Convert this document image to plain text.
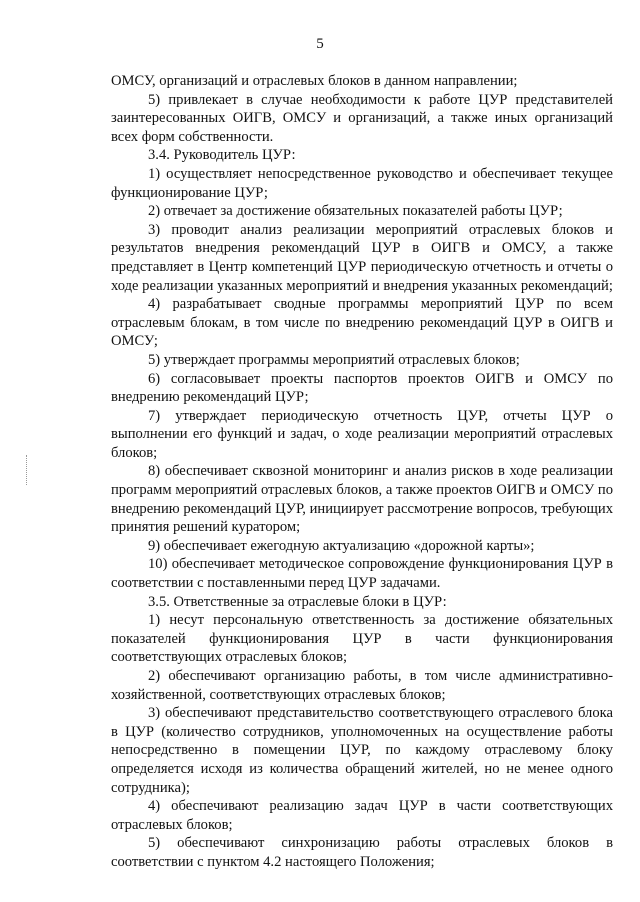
5

ОМСУ, организаций и отраслевых блоков в данном направлении;

5) привлекает в случае необходимости к работе ЦУР представителей заинтересованных ОИГВ, ОМСУ и организаций, а также иных организаций всех форм собственности.

3.4. Руководитель ЦУР:

1) осуществляет непосредственное руководство и обеспечивает текущее функционирование ЦУР;

2) отвечает за достижение обязательных показателей работы ЦУР;

3) проводит анализ реализации мероприятий отраслевых блоков и результатов внедрения рекомендаций ЦУР в ОИГВ и ОМСУ, а также представляет в Центр компетенций ЦУР периодическую отчетность и отчеты о ходе реализации указанных мероприятий и внедрения указанных рекомендаций;

4) разрабатывает сводные программы мероприятий ЦУР по всем отраслевым блокам, в том числе по внедрению рекомендаций ЦУР в ОИГВ и ОМСУ;

5) утверждает программы мероприятий отраслевых блоков;

6) согласовывает проекты паспортов проектов ОИГВ и ОМСУ по внедрению рекомендаций ЦУР;

7) утверждает периодическую отчетность ЦУР, отчеты ЦУР о выполнении его функций и задач, о ходе реализации мероприятий отраслевых блоков;

8) обеспечивает сквозной мониторинг и анализ рисков в ходе реализации программ мероприятий отраслевых блоков, а также проектов ОИГВ и ОМСУ по внедрению рекомендаций ЦУР, инициирует рассмотрение вопросов, требующих принятия решений куратором;

9) обеспечивает ежегодную актуализацию «дорожной карты»;

10) обеспечивает методическое сопровождение функционирования ЦУР в соответствии с поставленными перед ЦУР задачами.

3.5. Ответственные за отраслевые блоки в ЦУР:

1) несут персональную ответственность за достижение обязательных показателей функционирования ЦУР в части функционирования соответствующих отраслевых блоков;

2) обеспечивают организацию работы, в том числе административно-хозяйственной, соответствующих отраслевых блоков;

3) обеспечивают представительство соответствующего отраслевого блока в ЦУР (количество сотрудников, уполномоченных на осуществление работы непосредственно в помещении ЦУР, по каждому отраслевому блоку определяется исходя из количества обращений жителей, но не менее одного сотрудника);

4) обеспечивают реализацию задач ЦУР в части соответствующих отраслевых блоков;

5) обеспечивают синхронизацию работы отраслевых блоков в соответствии с пунктом 4.2 настоящего Положения;
